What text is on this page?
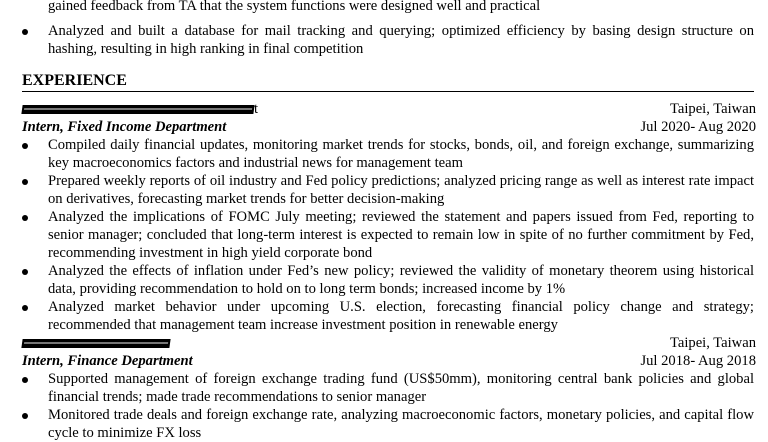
gained feedback from TA that the system functions were designed well and practical
Analyzed and built a database for mail tracking and querying; optimized efficiency by basing design structure on hashing, resulting in high ranking in final competition
EXPERIENCE
t	Taipei, Taiwan
Intern, Fixed Income Department	Jul 2020- Aug 2020
Compiled daily financial updates, monitoring market trends for stocks, bonds, oil, and foreign exchange, summarizing key macroeconomics factors and industrial news for management team
Prepared weekly reports of oil industry and Fed policy predictions; analyzed pricing range as well as interest rate impact on derivatives, forecasting market trends for better decision-making
Analyzed the implications of FOMC July meeting; reviewed the statement and papers issued from Fed, reporting to senior manager; concluded that long-term interest is expected to remain low in spite of no further commitment by Fed, recommending investment in high yield corporate bond
Analyzed the effects of inflation under Fed’s new policy; reviewed the validity of monetary theorem using historical data, providing recommendation to hold on to long term bonds; increased income by 1%
Analyzed market behavior under upcoming U.S. election, forecasting financial policy change and strategy; recommended that management team increase investment position in renewable energy
Taipei, Taiwan
Intern, Finance Department	Jul 2018- Aug 2018
Supported management of foreign exchange trading fund (US$50mm), monitoring central bank policies and global financial trends; made trade recommendations to senior manager
Monitored trade deals and foreign exchange rate, analyzing macroeconomic factors, monetary policies, and capital flow cycle to minimize FX loss
